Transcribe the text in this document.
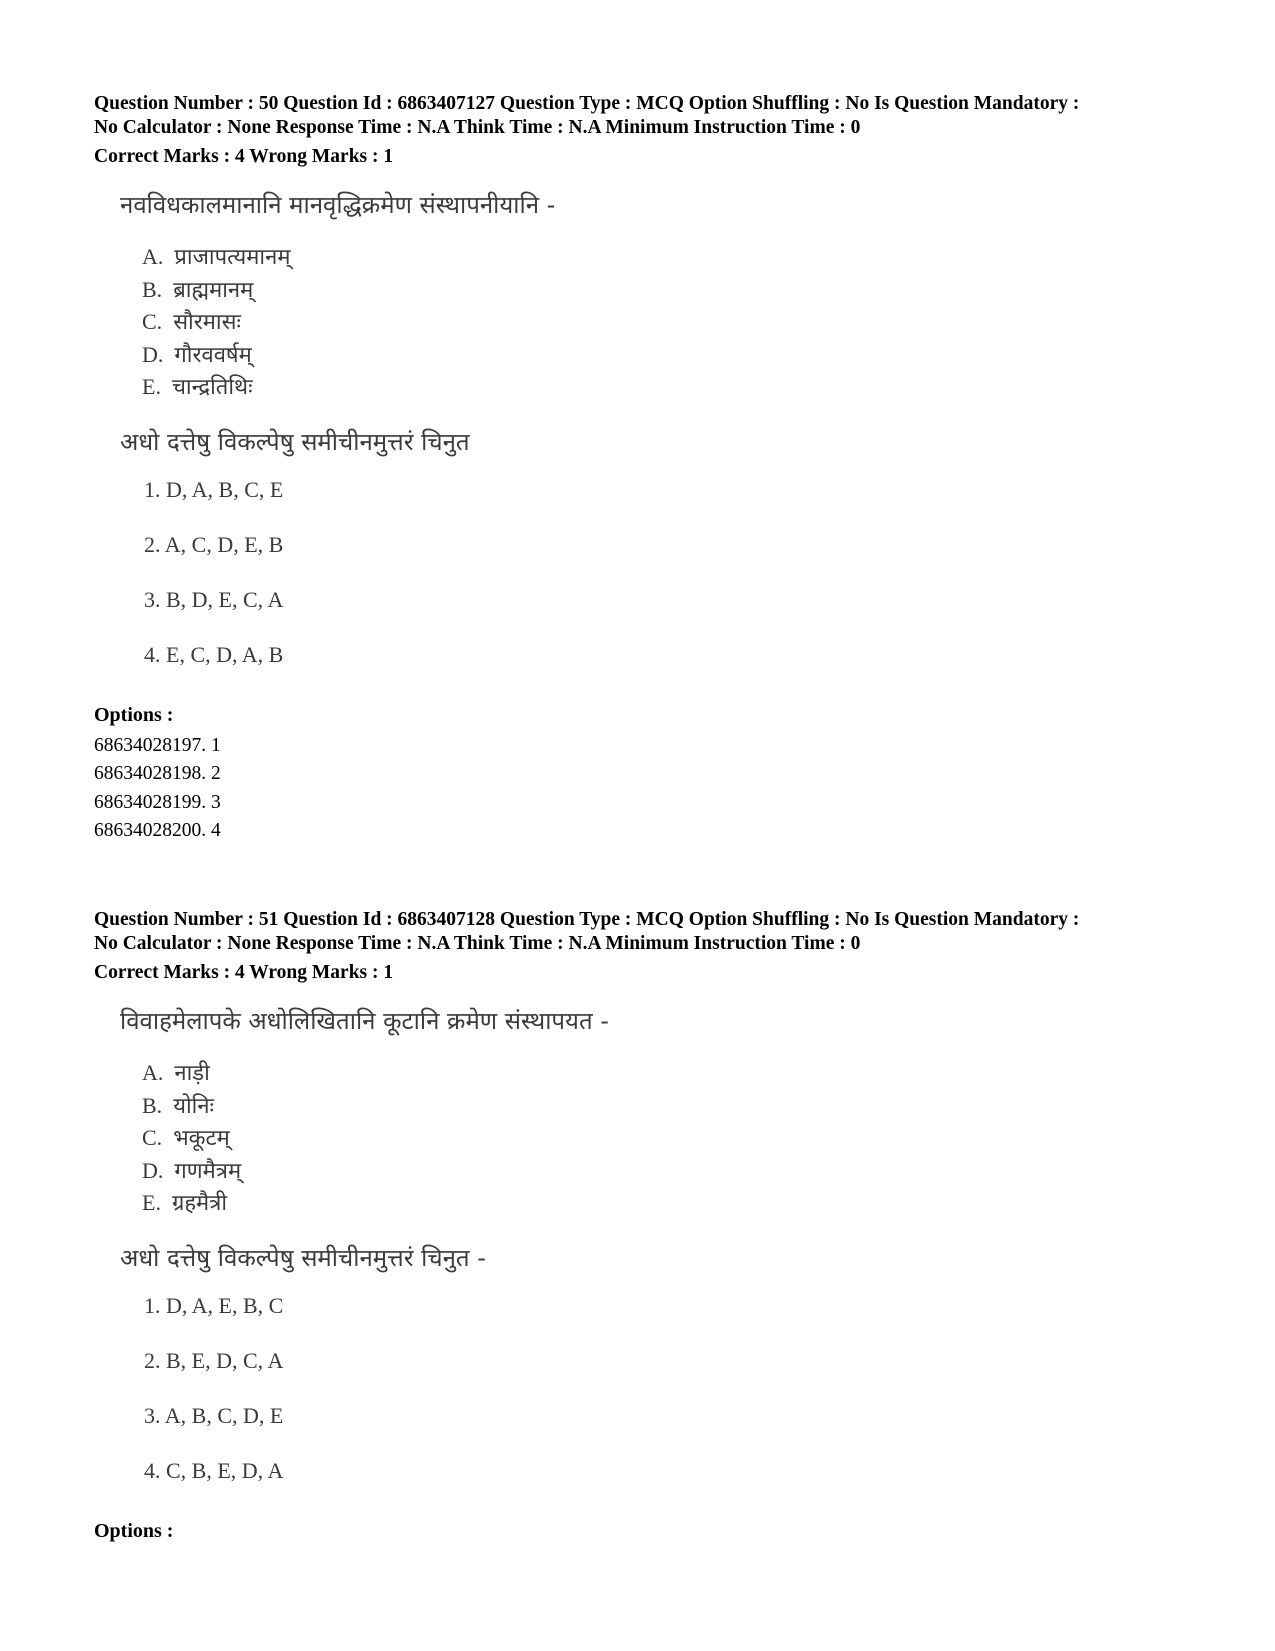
Question Number : 50 Question Id : 6863407127 Question Type : MCQ Option Shuffling : No Is Question Mandatory :

No Calculator : None Response Time : N.A Think Time : N.A Minimum Instruction Time : 0

Correct Marks : 4 Wrong Marks : 1

नवविधकालमानानि मानवृद्धिक्रमेण संस्थापनीयानि -

A. प्राजापत्यमानम्
B. ब्राह्ममानम्
C. सौरमासः
D. गौरववर्षम्
E. चान्द्रतिथिः

अधो दत्तेषु विकल्पेषु समीचीनमुत्तरं चिनुत

1. D, A, B, C, E
2. A, C, D, E, B
3. B, D, E, C, A
4. E, C, D, A, B

Options :

68634028197. 1
68634028198. 2
68634028199. 3
68634028200. 4

Question Number : 51 Question Id : 6863407128 Question Type : MCQ Option Shuffling : No Is Question Mandatory :

No Calculator : None Response Time : N.A Think Time : N.A Minimum Instruction Time : 0

Correct Marks : 4 Wrong Marks : 1

विवाहमेलापके अधोलिखितानि कूटानि क्रमेण संस्थापयत -

A. नाड़ी
B. योनिः
C. भकूटम्
D. गणमैत्रम्
E. ग्रहमैत्री

अधो दत्तेषु विकल्पेषु समीचीनमुत्तरं चिनुत -

1. D, A, E, B, C
2. B, E, D, C, A
3. A, B, C, D, E
4. C, B, E, D, A

Options :
